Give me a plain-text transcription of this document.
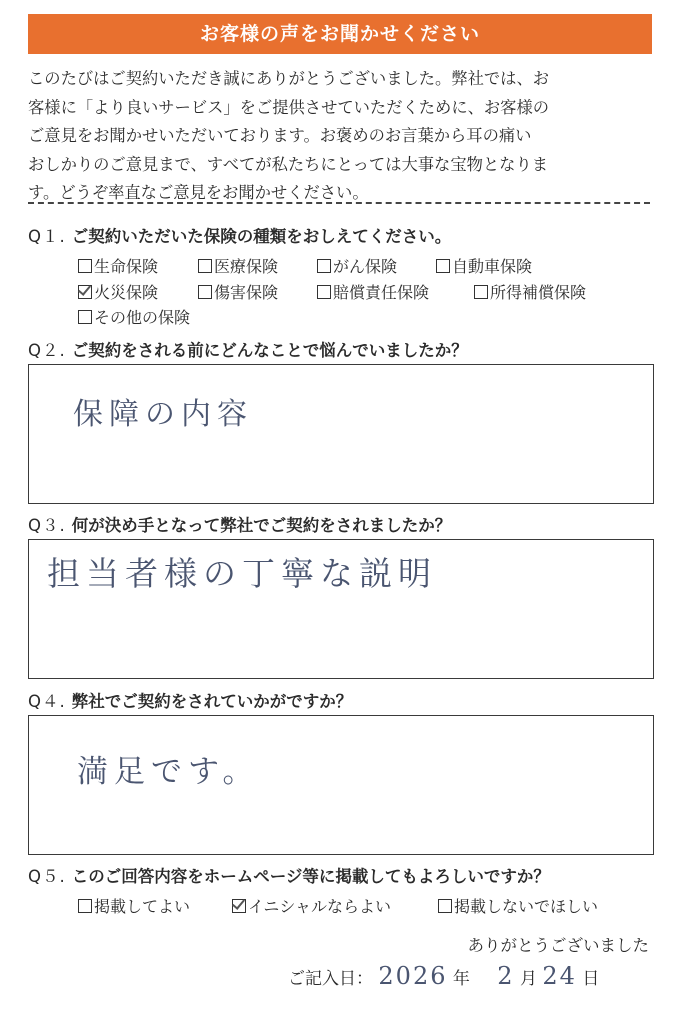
お客様の声をお聞かせください
このたびはご契約いただき誠にありがとうございました。弊社では、お
客様に「より良いサービス」をご提供させていただくために、お客様の
ご意見をお聞かせいただいております。お褒めのお言葉から耳の痛い
おしかりのご意見まで、すべてが私たちにとっては大事な宝物となりま
す。どうぞ率直なご意見をお聞かせください。
Q１. ご契約いただいた保険の種類をおしえてください。
生命保険	医療保険	がん保険	自動車保険
火災保険	傷害保険	賠償責任保険	所得補償保険
その他の保険
Q２. ご契約をされる前にどんなことで悩んでいましたか？
保障の内容
Q３. 何が決め手となって弊社でご契約をされましたか？
担当者様の丁寧な説明
Q４. 弊社でご契約をされていかがですか？
満足です。
Q５. このご回答内容をホームページ等に掲載してもよろしいですか？
掲載してよい	イニシャルならよい	掲載しないでほしい
ありがとうございました
ご記入日： 2026 年 2 月 24 日
